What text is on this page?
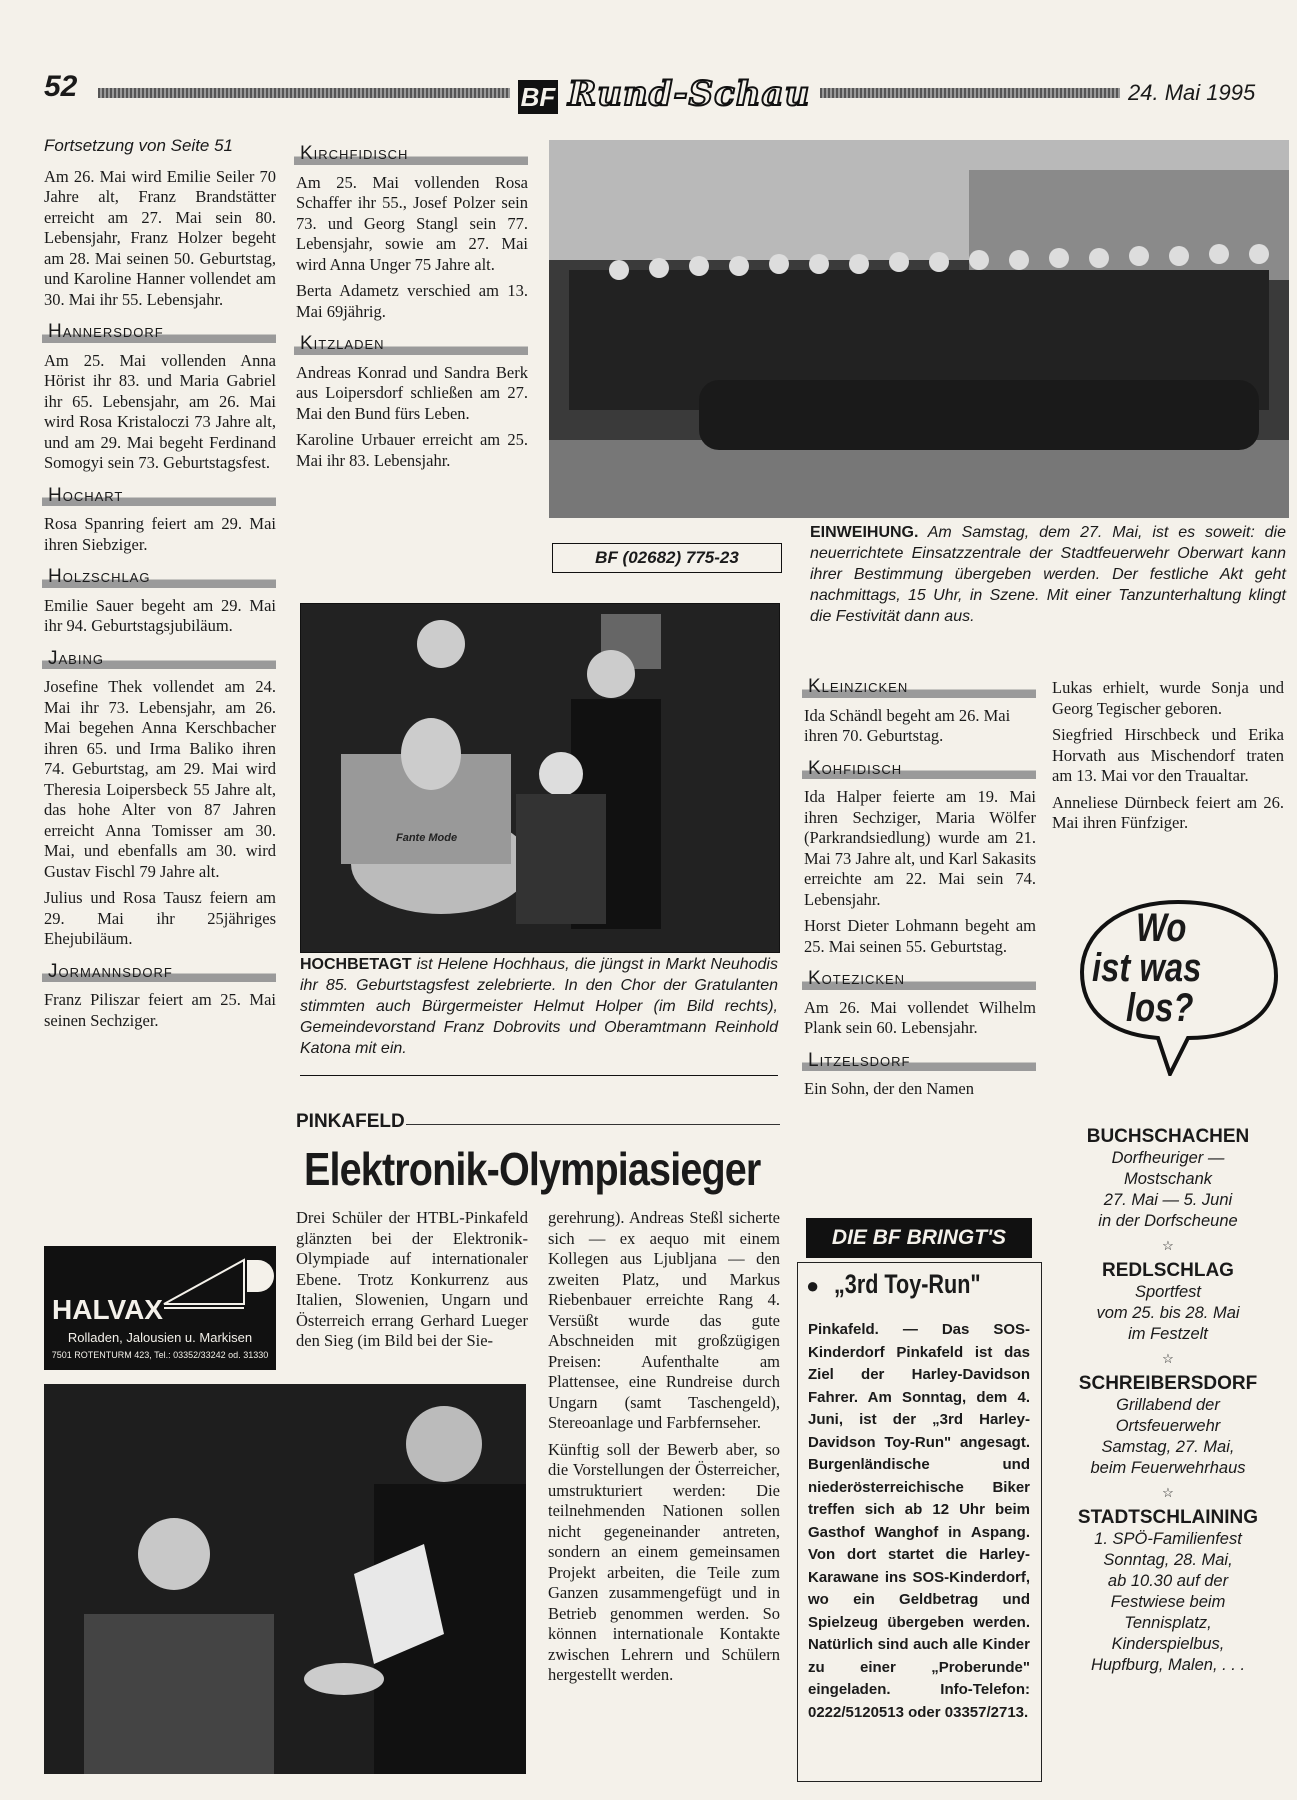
52	BF Rund-Schau	24. Mai 1995

Fortsetzung von Seite 51

Am 26. Mai wird Emilie Seiler 70 Jahre alt, Franz Brandstätter erreicht am 27. Mai sein 80. Lebensjahr, Franz Holzer begeht am 28. Mai seinen 50. Geburtstag, und Karoline Hanner vollendet am 30. Mai ihr 55. Lebensjahr.

Hannersdorf

Am 25. Mai vollenden Anna Hörist ihr 83. und Maria Gabriel ihr 65. Lebensjahr, am 26. Mai wird Rosa Kristaloczi 73 Jahre alt, und am 29. Mai begeht Ferdinand Somogyi sein 73. Geburtstagsfest.

Hochart

Rosa Spanring feiert am 29. Mai ihren Siebziger.

Holzschlag

Emilie Sauer begeht am 29. Mai ihr 94. Geburtstagsjubiläum.

Jabing

Josefine Thek vollendet am 24. Mai ihr 73. Lebensjahr, am 26. Mai begehen Anna Kerschbacher ihren 65. und Irma Baliko ihren 74. Geburtstag, am 29. Mai wird Theresia Loipersbeck 55 Jahre alt, das hohe Alter von 87 Jahren erreicht Anna Tomisser am 30. Mai, und ebenfalls am 30. wird Gustav Fischl 79 Jahre alt.

Julius und Rosa Tausz feiern am 29. Mai ihr 25jähriges Ehejubiläum.

Jormannsdorf

Franz Piliszar feiert am 25. Mai seinen Sechziger.

Kirchfidisch

Am 25. Mai vollenden Rosa Schaffer ihr 55., Josef Polzer sein 73. und Georg Stangl sein 77. Lebensjahr, sowie am 27. Mai wird Anna Unger 75 Jahre alt.

Berta Adametz verschied am 13. Mai 69jährig.

Kitzladen

Andreas Konrad und Sandra Berk aus Loipersdorf schließen am 27. Mai den Bund fürs Leben.

Karoline Urbauer erreicht am 25. Mai ihr 83. Lebensjahr.

BF (02682) 775-23
EINWEIHUNG. Am Samstag, dem 27. Mai, ist es soweit: die neuerrichtete Einsatzzentrale der Stadtfeuerwehr Oberwart kann ihrer Bestimmung übergeben werden. Der festliche Akt geht nachmittags, 15 Uhr, in Szene. Mit einer Tanzunterhaltung klingt die Festivität dann aus.
Fante Mode
HOCHBETAGT ist Helene Hochhaus, die jüngst in Markt Neuhodis ihr 85. Geburtstagsfest zelebrierte. In den Chor der Gratulanten stimmten auch Bürgermeister Helmut Holper (im Bild rechts), Gemeindevorstand Franz Dobrovits und Oberamtmann Reinhold Katona mit ein.
Kleinzicken

Ida Schändl begeht am 26. Mai ihren 70. Geburtstag.

Kohfidisch

Ida Halper feierte am 19. Mai ihren Sechziger, Maria Wölfer (Parkrandsiedlung) wurde am 21. Mai 73 Jahre alt, und Karl Sakasits erreichte am 22. Mai sein 74. Lebensjahr.

Horst Dieter Lohmann begeht am 25. Mai seinen 55. Geburtstag.

Kotezicken

Am 26. Mai vollendet Wilhelm Plank sein 60. Lebensjahr.

Litzelsdorf

Ein Sohn, der den Namen

Lukas erhielt, wurde Sonja und Georg Tegischer geboren.

Siegfried Hirschbeck und Erika Horvath aus Mischendorf traten am 13. Mai vor den Traualtar.

Anneliese Dürnbeck feiert am 26. Mai ihren Fünfziger.

Wo
ist was
los?
BUCHSCHACHEN
Dorfheuriger —
Mostschank
27. Mai — 5. Juni
in der Dorfscheune
☆
REDLSCHLAG
Sportfest
vom 25. bis 28. Mai
im Festzelt
☆
SCHREIBERSDORF
Grillabend der
Ortsfeuerwehr
Samstag, 27. Mai,
beim Feuerwehrhaus
☆
STADTSCHLAINING
1. SPÖ-Familienfest
Sonntag, 28. Mai,
ab 10.30 auf der
Festwiese beim
Tennisplatz,
Kinderspielbus,
Hupfburg, Malen, . . .
PINKAFELD
Elektronik-Olympiasieger

Drei Schüler der HTBL-Pinkafeld glänzten bei der Elektronik-Olympiade auf internationaler Ebene. Trotz Konkurrenz aus Italien, Slowenien, Ungarn und Österreich errang Gerhard Lueger den Sieg (im Bild bei der Sie-

gerehrung). Andreas Steßl sicherte sich — ex aequo mit einem Kollegen aus Ljubljana — den zweiten Platz, und Markus Riebenbauer erreichte Rang 4. Versüßt wurde das gute Abschneiden mit großzügigen Preisen: Aufenthalte am Plattensee, eine Rundreise durch Ungarn (samt Taschengeld), Stereoanlage und Farbfernseher.

Künftig soll der Bewerb aber, so die Vorstellungen der Österreicher, umstrukturiert werden: Die teilnehmenden Nationen sollen nicht gegeneinander antreten, sondern an einem gemeinsamen Projekt arbeiten, die Teile zum Ganzen zusammengefügt und in Betrieb genommen werden. So können internationale Kontakte zwischen Lehrern und Schülern hergestellt werden.

HALVAX
Rolladen, Jalousien u. Markisen
7501 ROTENTURM 423, Tel.: 03352/33242 od. 31330
DIE BF BRINGT'S
● „3rd Toy-Run"
Pinkafeld. — Das SOS-Kinderdorf Pinkafeld ist das Ziel der Harley-Davidson Fahrer. Am Sonntag, dem 4. Juni, ist der „3rd Harley-Davidson Toy-Run" angesagt. Burgenländische und niederösterreichische Biker treffen sich ab 12 Uhr beim Gasthof Wanghof in Aspang. Von dort startet die Harley-Karawane ins SOS-Kinderdorf, wo ein Geldbetrag und Spielzeug übergeben werden. Natürlich sind auch alle Kinder zu einer „Proberunde" eingeladen. Info-Telefon: 0222/5120513 oder 03357/2713.
